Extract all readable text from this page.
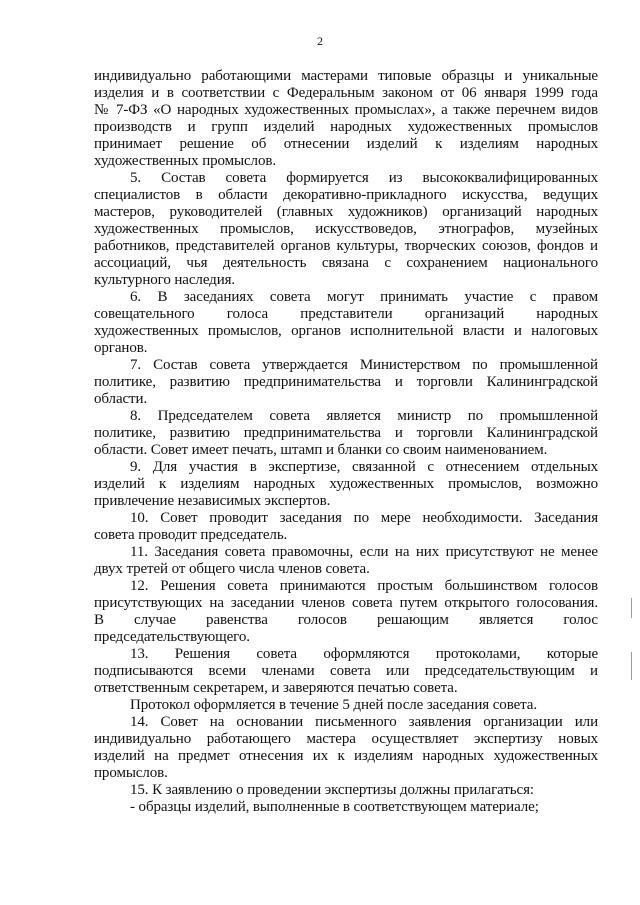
2
индивидуально работающими мастерами типовые образцы и уникальные
изделия и в соответствии с Федеральным законом от 06 января 1999 года
№ 7-ФЗ «О народных художественных промыслах», а также перечнем видов
производств и групп изделий народных художественных промыслов
принимает решение об отнесении изделий к изделиям народных
художественных промыслов.
5. Состав совета формируется из высококвалифицированных
специалистов в области декоративно-прикладного искусства, ведущих
мастеров, руководителей (главных художников) организаций народных
художественных промыслов, искусствоведов, этнографов, музейных
работников, представителей органов культуры, творческих союзов, фондов и
ассоциаций, чья деятельность связана с сохранением национального
культурного наследия.
6. В заседаниях совета могут принимать участие с правом
совещательного голоса представители организаций народных
художественных промыслов, органов исполнительной власти и налоговых
органов.
7. Состав совета утверждается Министерством по промышленной
политике, развитию предпринимательства и торговли Калининградской
области.
8. Председателем совета является министр по промышленной
политике, развитию предпринимательства и торговли Калининградской
области. Совет имеет печать, штамп и бланки со своим наименованием.
9. Для участия в экспертизе, связанной с отнесением отдельных
изделий к изделиям народных художественных промыслов, возможно
привлечение независимых экспертов.
10. Совет проводит заседания по мере необходимости. Заседания
совета проводит председатель.
11. Заседания совета правомочны, если на них присутствуют не менее
двух третей от общего числа членов совета.
12. Решения совета принимаются простым большинством голосов
присутствующих на заседании членов совета путем открытого голосования.
В случае равенства голосов решающим является голос
председательствующего.
13. Решения совета оформляются протоколами, которые
подписываются всеми членами совета или председательствующим и
ответственным секретарем, и заверяются печатью совета.
Протокол оформляется в течение 5 дней после заседания совета.
14. Совет на основании письменного заявления организации или
индивидуально работающего мастера осуществляет экспертизу новых
изделий на предмет отнесения их к изделиям народных художественных
промыслов.
15. К заявлению о проведении экспертизы должны прилагаться:
- образцы изделий, выполненные в соответствующем материале;
